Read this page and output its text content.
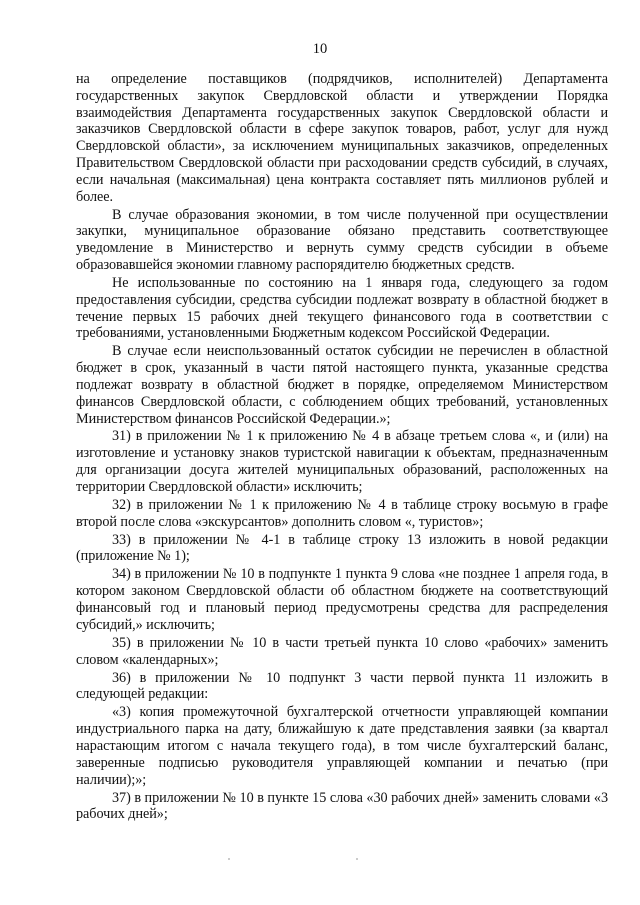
10

на определение поставщиков (подрядчиков, исполнителей) Департамента государственных закупок Свердловской области и утверждении Порядка взаимодействия Департамента государственных закупок Свердловской области и заказчиков Свердловской области в сфере закупок товаров, работ, услуг для нужд Свердловской области», за исключением муниципальных заказчиков, определенных Правительством Свердловской области при расходовании средств субсидий, в случаях, если начальная (максимальная) цена контракта составляет пять миллионов рублей и более.

В случае образования экономии, в том числе полученной при осуществлении закупки, муниципальное образование обязано представить соответствующее уведомление в Министерство и вернуть сумму средств субсидии в объеме образовавшейся экономии главному распорядителю бюджетных средств.

Не использованные по состоянию на 1 января года, следующего за годом предоставления субсидии, средства субсидии подлежат возврату в областной бюджет в течение первых 15 рабочих дней текущего финансового года в соответствии с требованиями, установленными Бюджетным кодексом Российской Федерации.

В случае если неиспользованный остаток субсидии не перечислен в областной бюджет в срок, указанный в части пятой настоящего пункта, указанные средства подлежат возврату в областной бюджет в порядке, определяемом Министерством финансов Свердловской области, с соблюдением общих требований, установленных Министерством финансов Российской Федерации.»;

31) в приложении № 1 к приложению № 4 в абзаце третьем слова «, и (или) на изготовление и установку знаков туристской навигации к объектам, предназначенным для организации досуга жителей муниципальных образований, расположенных на территории Свердловской области» исключить;

32) в приложении № 1 к приложению № 4 в таблице строку восьмую в графе второй после слова «экскурсантов» дополнить словом «, туристов»;

33) в приложении № 4-1 в таблице строку 13 изложить в новой редакции (приложение № 1);

34) в приложении № 10 в подпункте 1 пункта 9 слова «не позднее 1 апреля года, в котором законом Свердловской области об областном бюджете на соответствующий финансовый год и плановый период предусмотрены средства для распределения субсидий,» исключить;

35) в приложении № 10 в части третьей пункта 10 слово «рабочих» заменить словом «календарных»;

36) в приложении № 10 подпункт 3 части первой пункта 11 изложить в следующей редакции:

«3) копия промежуточной бухгалтерской отчетности управляющей компании индустриального парка на дату, ближайшую к дате представления заявки (за квартал нарастающим итогом с начала текущего года), в том числе бухгалтерский баланс, заверенные подписью руководителя управляющей компании и печатью (при наличии);»;

37) в приложении № 10 в пункте 15 слова «30 рабочих дней» заменить словами «3 рабочих дней»;
